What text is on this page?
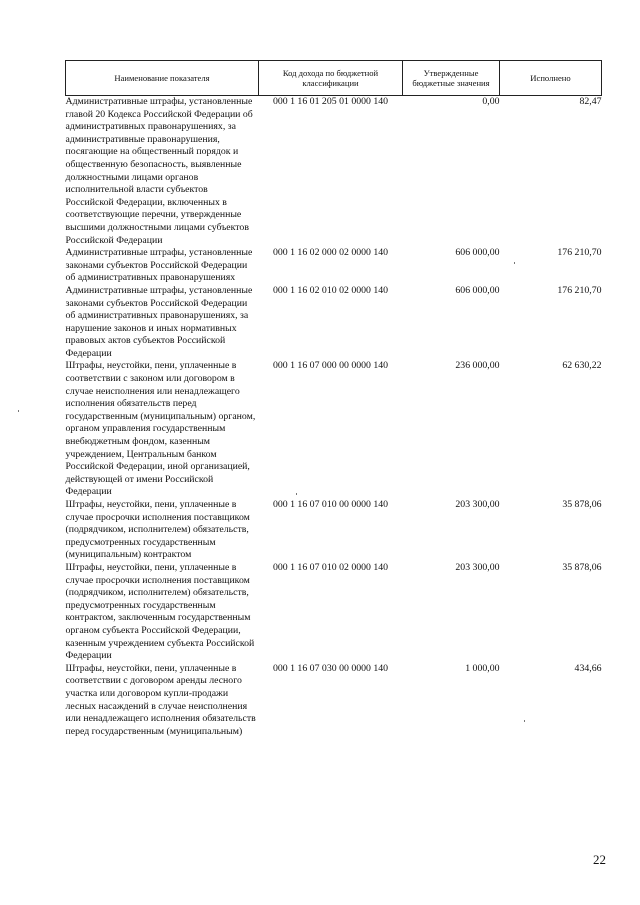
Наименование показателя	Код дохода по бюджетной классификации	Утвержденные бюджетные значения	Исполнено
Административные штрафы, установленные главой 20 Кодекса Российской Федерации об административных правонарушениях, за административные правонарушения, посягающие на общественный порядок и общественную безопасность, выявленные должностными лицами органов исполнительной власти субъектов Российской Федерации, включенных в соответствующие перечни, утвержденные высшими должностными лицами субъектов Российской Федерации	000 1 16 01 205 01 0000 140	0,00	82,47
Административные штрафы, установленные законами субъектов Российской Федерации об административных правонарушениях	000 1 16 02 000 02 0000 140	606 000,00	176 210,70
Административные штрафы, установленные законами субъектов Российской Федерации об административных правонарушениях, за нарушение законов и иных нормативных правовых актов субъектов Российской Федерации	000 1 16 02 010 02 0000 140	606 000,00	176 210,70
Штрафы, неустойки, пени, уплаченные в соответствии с законом или договором в случае неисполнения или ненадлежащего исполнения обязательств перед государственным (муниципальным) органом, органом управления государственным внебюджетным фондом, казенным учреждением, Центральным банком Российской Федерации, иной организацией, действующей от имени Российской Федерации	000 1 16 07 000 00 0000 140	236 000,00	62 630,22
Штрафы, неустойки, пени, уплаченные в случае просрочки исполнения поставщиком (подрядчиком, исполнителем) обязательств, предусмотренных государственным (муниципальным) контрактом	000 1 16 07 010 00 0000 140	203 300,00	35 878,06
Штрафы, неустойки, пени, уплаченные в случае просрочки исполнения поставщиком (подрядчиком, исполнителем) обязательств, предусмотренных государственным контрактом, заключенным государственным органом субъекта Российской Федерации, казенным учреждением субъекта Российской Федерации	000 1 16 07 010 02 0000 140	203 300,00	35 878,06
Штрафы, неустойки, пени, уплаченные в соответствии с договором аренды лесного участка или договором купли-продажи лесных насаждений в случае неисполнения или ненадлежащего исполнения обязательств перед государственным (муниципальным)	000 1 16 07 030 00 0000 140	1 000,00	434,66
22
